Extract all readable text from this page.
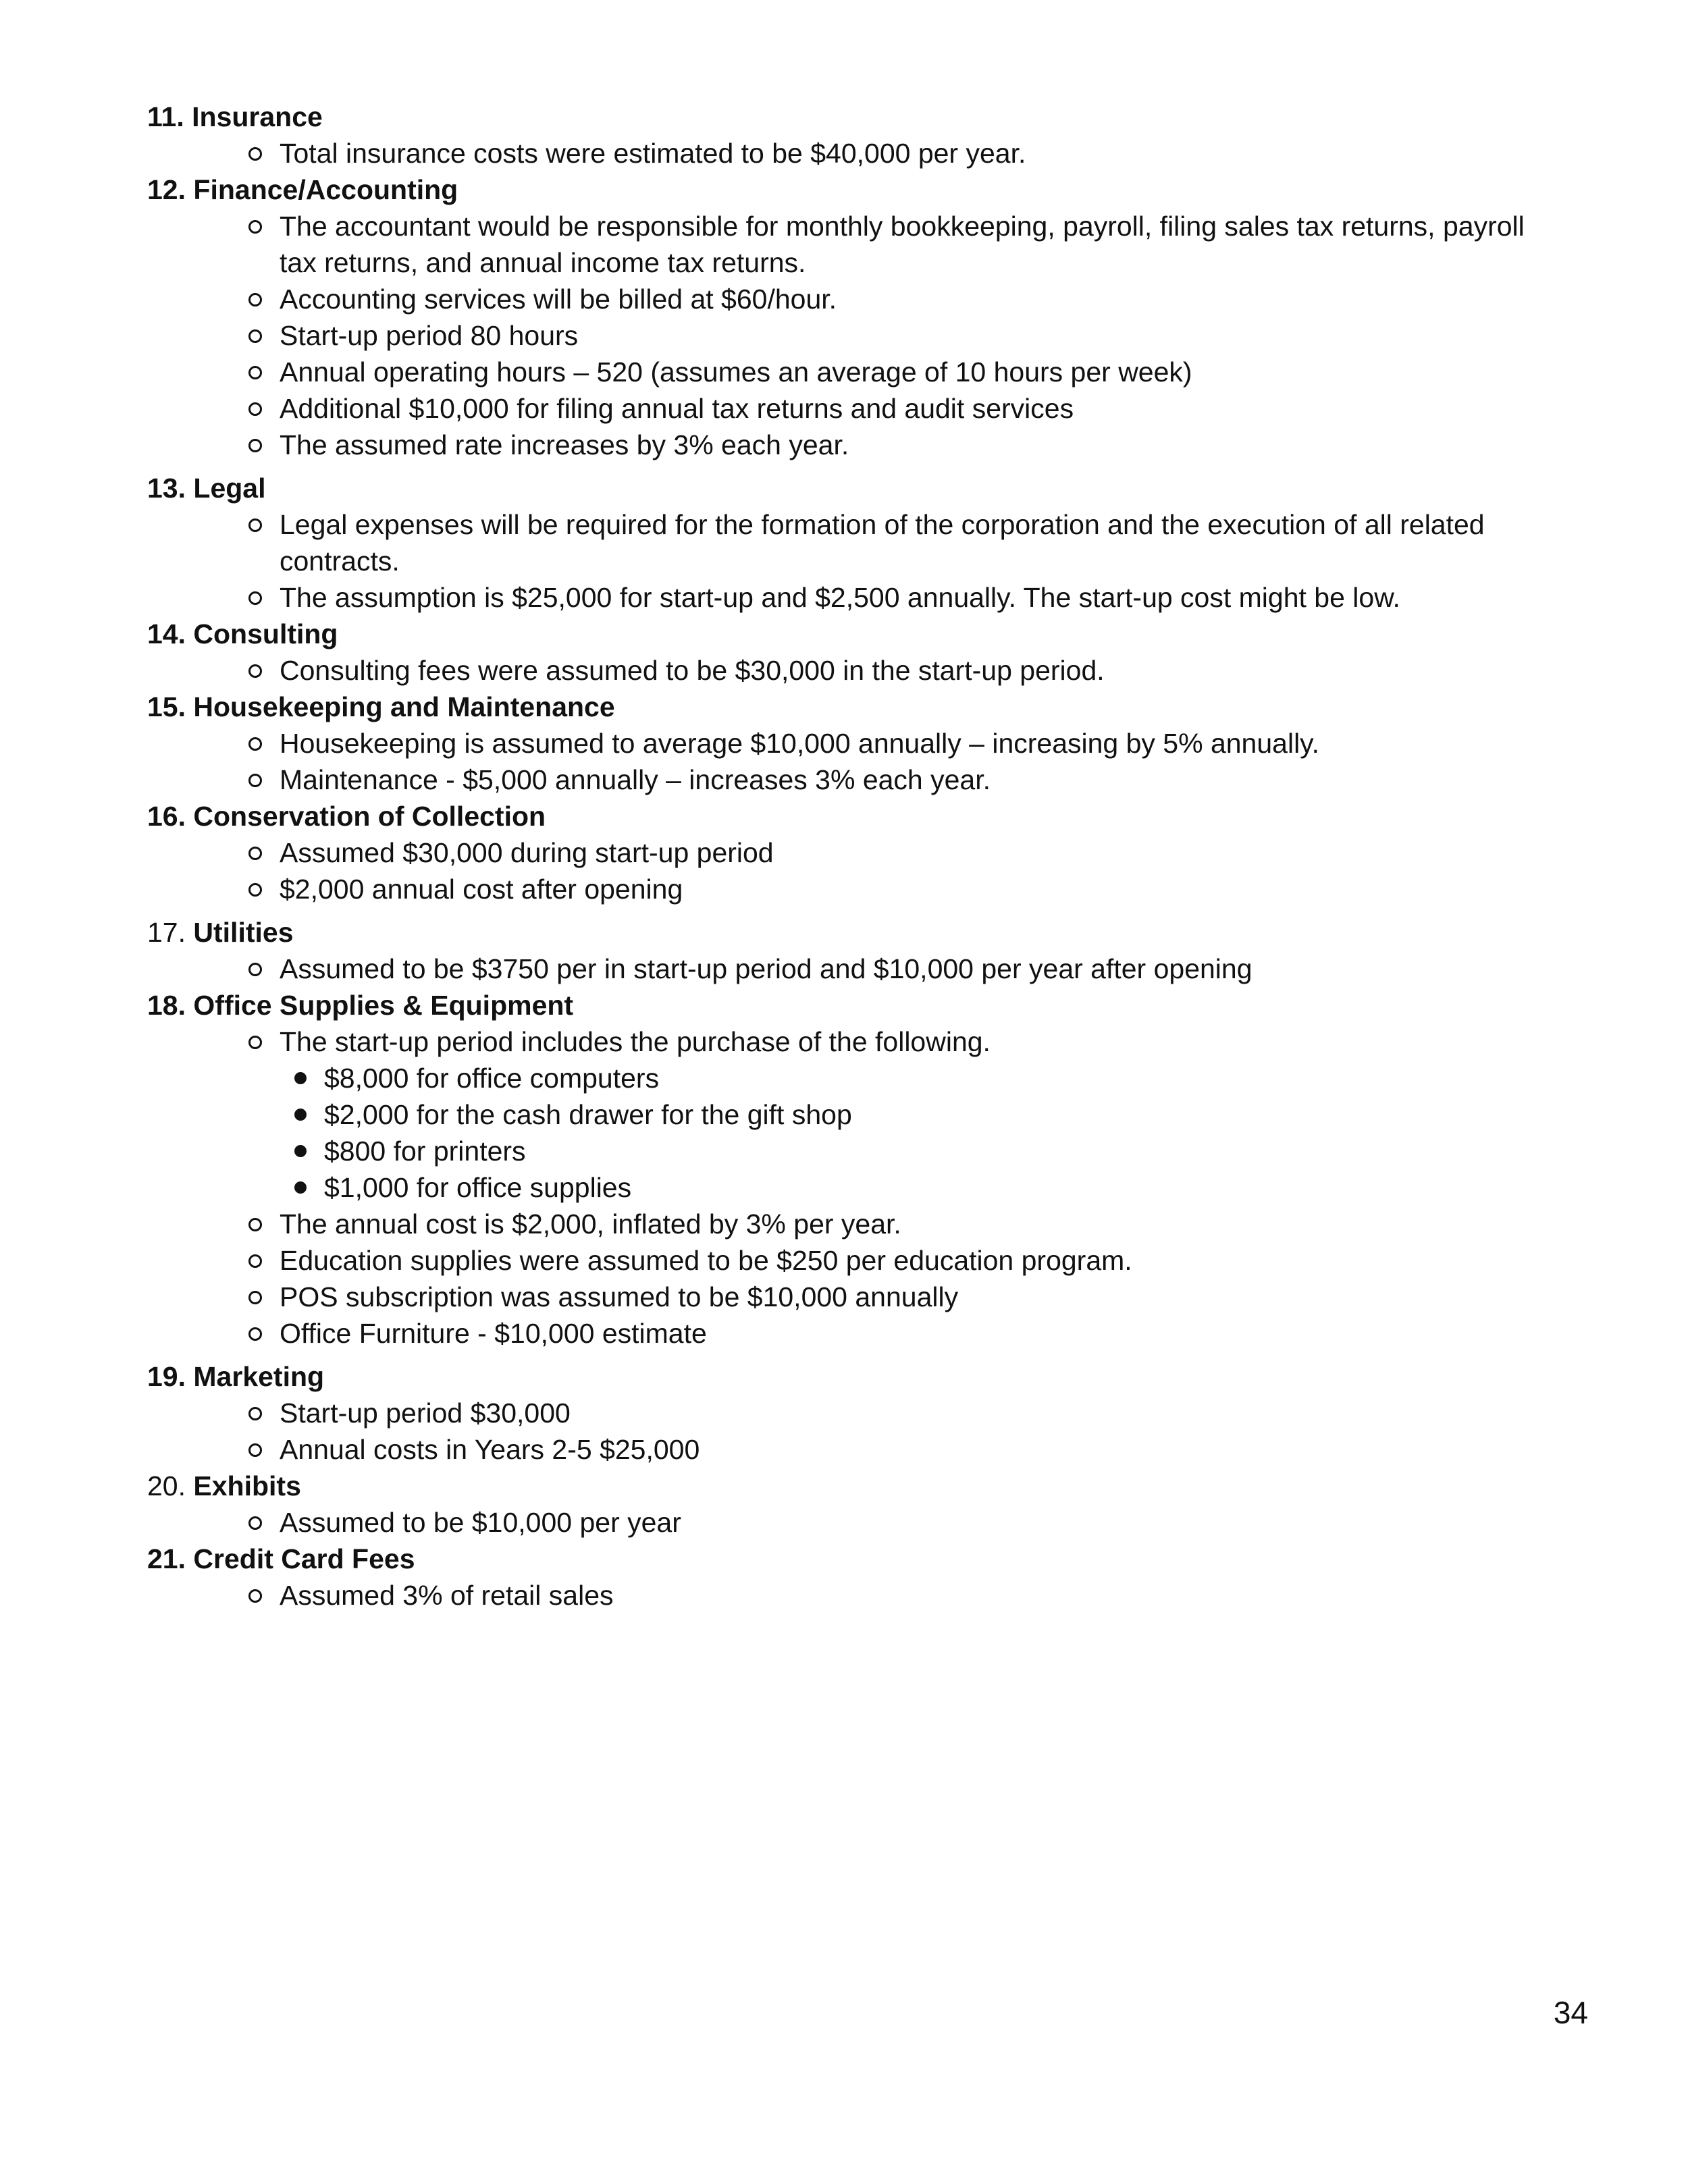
11. Insurance
Total insurance costs were estimated to be $40,000 per year.
12. Finance/Accounting
The accountant would be responsible for monthly bookkeeping, payroll, filing sales tax returns, payroll tax returns, and annual income tax returns.
Accounting services will be billed at $60/hour.
Start-up period 80 hours
Annual operating hours – 520 (assumes an average of 10 hours per week)
Additional $10,000 for filing annual tax returns and audit services
The assumed rate increases by 3% each year.
13. Legal
Legal expenses will be required for the formation of the corporation and the execution of all related contracts.
The assumption is $25,000 for start-up and $2,500 annually. The start-up cost might be low.
14. Consulting
Consulting fees were assumed to be $30,000 in the start-up period.
15. Housekeeping and Maintenance
Housekeeping is assumed to average $10,000 annually – increasing by 5% annually.
Maintenance - $5,000 annually – increases 3% each year.
16. Conservation of Collection
Assumed $30,000 during start-up period
$2,000 annual cost after opening
17. Utilities
Assumed to be $3750 per in start-up period and $10,000 per year after opening
18. Office Supplies & Equipment
The start-up period includes the purchase of the following.
$8,000 for office computers
$2,000 for the cash drawer for the gift shop
$800 for printers
$1,000 for office supplies
The annual cost is $2,000, inflated by 3% per year.
Education supplies were assumed to be $250 per education program.
POS subscription was assumed to be $10,000 annually
Office Furniture - $10,000 estimate
19. Marketing
Start-up period $30,000
Annual costs in Years 2-5 $25,000
20. Exhibits
Assumed to be $10,000 per year
21. Credit Card Fees
Assumed 3% of retail sales
34
